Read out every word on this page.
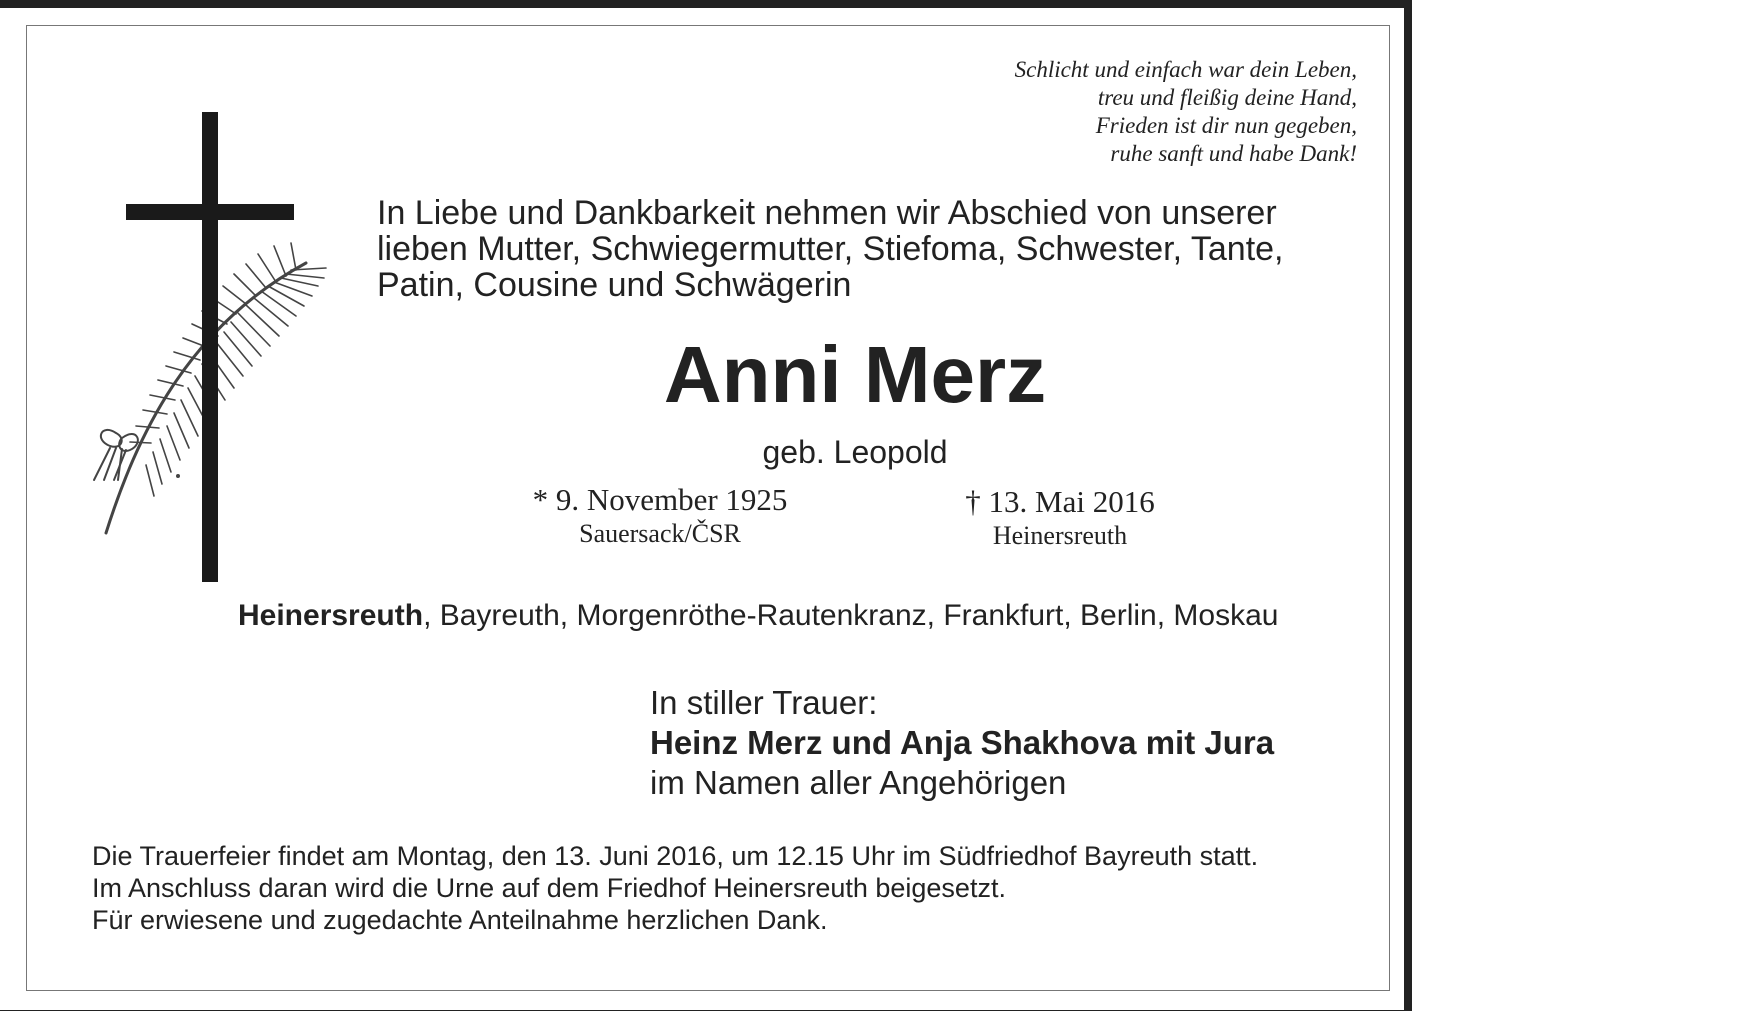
Schlicht und einfach war dein Leben,
treu und fleißig deine Hand,
Frieden ist dir nun gegeben,
ruhe sanft und habe Dank!
In Liebe und Dankbarkeit nehmen wir Abschied von unserer
lieben Mutter, Schwiegermutter, Stiefoma, Schwester, Tante,
Patin, Cousine und Schwägerin
Anni Merz
geb. Leopold
* 9. November 1925
Sauersack/ČSR
† 13. Mai 2016
Heinersreuth
Heinersreuth, Bayreuth, Morgenröthe-Rautenkranz, Frankfurt, Berlin, Moskau
In stiller Trauer:
Heinz Merz und Anja Shakhova mit Jura
im Namen aller Angehörigen
Die Trauerfeier findet am Montag, den 13. Juni 2016, um 12.15 Uhr im Südfriedhof Bayreuth statt.
Im Anschluss daran wird die Urne auf dem Friedhof Heinersreuth beigesetzt.
Für erwiesene und zugedachte Anteilnahme herzlichen Dank.
